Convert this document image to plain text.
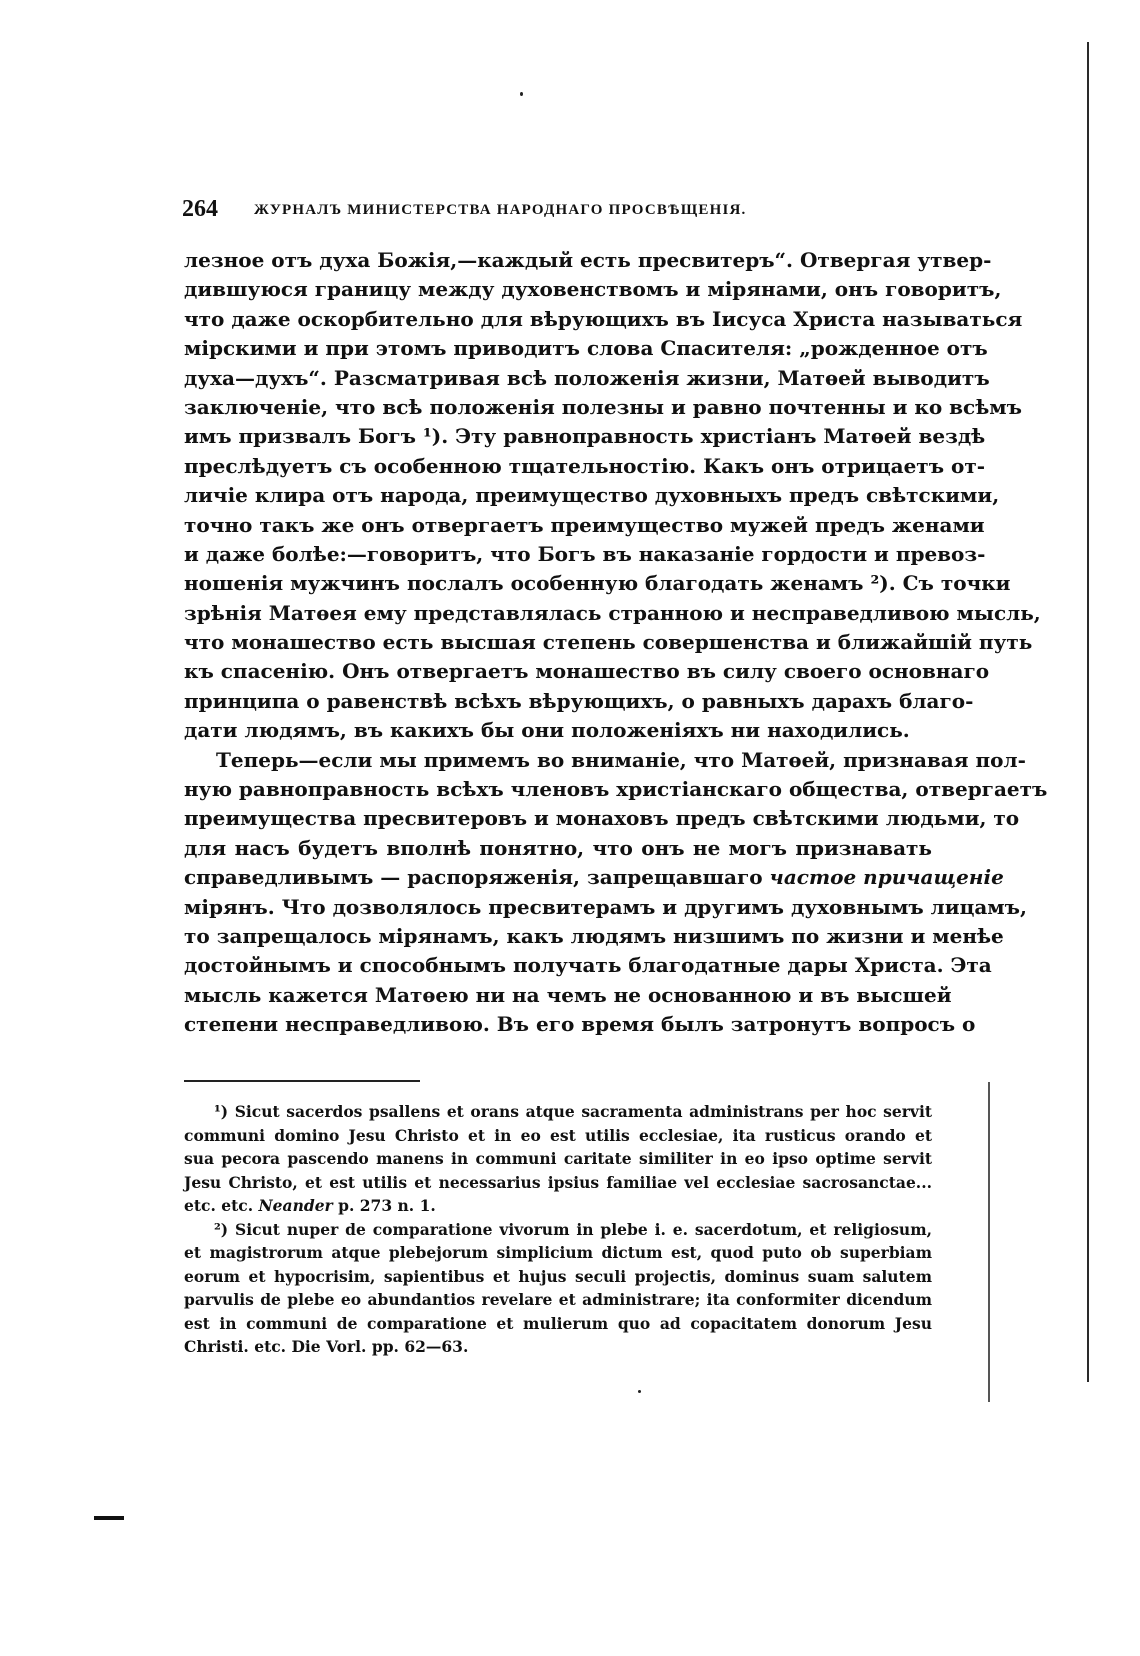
264 ЖУРНАЛЪ МИНИСТЕРСТВА НАРОДНАГО ПРОСВѢЩЕНІЯ.
лезное отъ духа Божія,—каждый есть пресвитеръ“. Отвергая утвер-
дившуюся границу между духовенствомъ и мірянами, онъ говоритъ,
что даже оскорбительно для вѣрующихъ въ Іисуса Христа называться
мірскими и при этомъ приводитъ слова Спасителя: „рожденное отъ
духа—духъ“. Разсматривая всѣ положенія жизни, Матѳей выводитъ
заключеніе, что всѣ положенія полезны и равно почтенны и ко всѣмъ
имъ призвалъ Богъ ¹). Эту равноправность христіанъ Матѳей вездѣ
преслѣдуетъ съ особенною тщательностію. Какъ онъ отрицаетъ от-
личіе клира отъ народа, преимущество духовныхъ предъ свѣтскими,
точно такъ же онъ отвергаетъ преимущество мужей предъ женами
и даже болѣе:—говоритъ, что Богъ въ наказаніе гордости и превоз-
ношенія мужчинъ послалъ особенную благодать женамъ ²). Съ точки
зрѣнія Матѳея ему представлялась странною и несправедливою мысль,
что монашество есть высшая степень совершенства и ближайшій путь
къ спасенію. Онъ отвергаетъ монашество въ силу своего основнаго
принципа о равенствѣ всѣхъ вѣрующихъ, о равныхъ дарахъ благо-
дати людямъ, въ какихъ бы они положеніяхъ ни находились.
Теперь—если мы примемъ во вниманіе, что Матѳей, признавая пол-
ную равноправность всѣхъ членовъ христіанскаго общества, отвергаетъ
преимущества пресвитеровъ и монаховъ предъ свѣтскими людьми, то
для насъ будетъ вполнѣ понятно, что онъ не могъ признавать
справедливымъ — распоряженія, запрещавшаго частое причащеніе
мірянъ. Что дозволялось пресвитерамъ и другимъ духовнымъ лицамъ,
то запрещалось мірянамъ, какъ людямъ низшимъ по жизни и менѣе
достойнымъ и способнымъ получать благодатные дары Христа. Эта
мысль кажется Матѳею ни на чемъ не основанною и въ высшей
степени несправедливою. Въ его время былъ затронутъ вопросъ о
¹) Sicut sacerdos psallens et orans atque sacramenta administrans per hoc servit
communi domino Jesu Christo et in eo est utilis ecclesiae, ita rusticus orando et
sua pecora pascendo manens in communi caritate similiter in eo ipso optime servit
Jesu Christo, et est utilis et necessarius ipsius familiae vel ecclesiae sacrosanctae...
etc. etc. Neander p. 273 n. 1.
²) Sicut nuper de comparatione vivorum in plebe i. e. sacerdotum, et religiosum,
et magistrorum atque plebejorum simplicium dictum est, quod puto ob superbiam
eorum et hypocrisim, sapientibus et hujus seculi projectis, dominus suam salutem
parvulis de plebe eo abundantios revelare et administrare; ita conformiter dicendum
est in communi de comparatione et mulierum quo ad copacitatem donorum Jesu
Christi. etc. Die Vorl. pp. 62—63.
